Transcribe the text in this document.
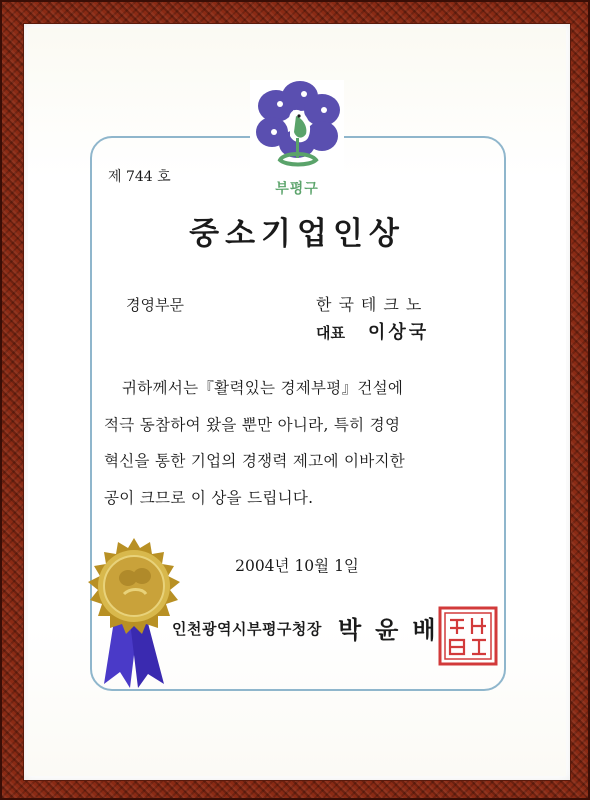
부평구
제 744 호
중소기업인상
경영부문	한국테크노
대표 이상국
귀하께서는『활력있는 경제부평』건설에
적극 동참하여 왔을 뿐만 아니라, 특히 경영
혁신을 통한 기업의 경쟁력 제고에 이바지한
공이 크므로 이 상을 드립니다.
2004년 10월 1일
인천광역시부평구청장 박윤배
